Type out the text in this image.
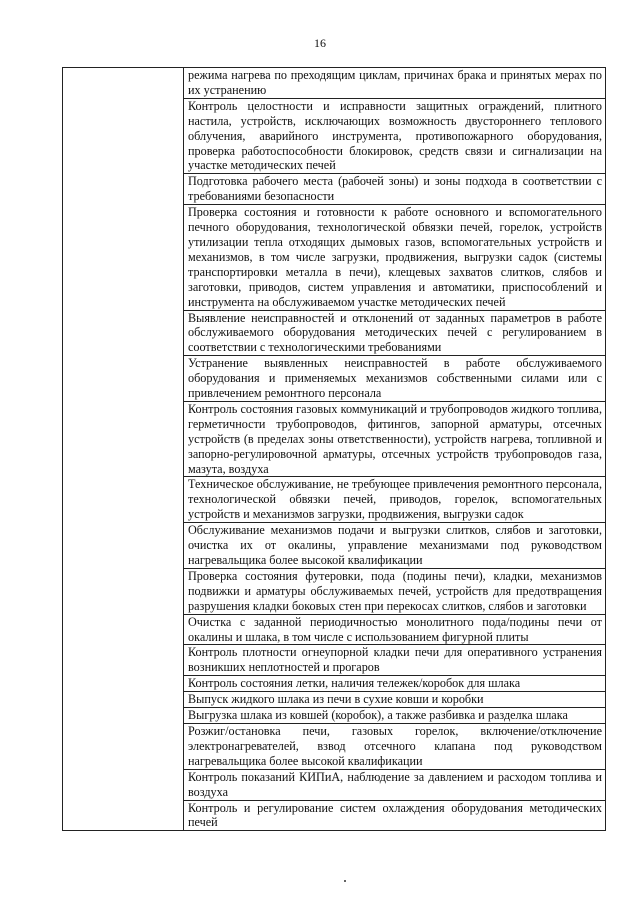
16
	режима нагрева по преходящим циклам, причинах брака и принятых мерах по их устранению
Контроль целостности и исправности защитных ограждений, плитного настила, устройств, исключающих возможность двустороннего теплового облучения, аварийного инструмента, противопожарного оборудования, проверка работоспособности блокировок, средств связи и сигнализации на участке методических печей
Подготовка рабочего места (рабочей зоны) и зоны подхода в соответствии с требованиями безопасности
Проверка состояния и готовности к работе основного и вспомогательного печного оборудования, технологической обвязки печей, горелок, устройств утилизации тепла отходящих дымовых газов, вспомогательных устройств и механизмов, в том числе загрузки, продвижения, выгрузки садок (системы транспортировки металла в печи), клещевых захватов слитков, слябов и заготовки, приводов, систем управления и автоматики, приспособлений и инструмента на обслуживаемом участке методических печей
Выявление неисправностей и отклонений от заданных параметров в работе обслуживаемого оборудования методических печей с регулированием в соответствии с технологическими требованиями
Устранение выявленных неисправностей в работе обслуживаемого оборудования и применяемых механизмов собственными силами или с привлечением ремонтного персонала
Контроль состояния газовых коммуникаций и трубопроводов жидкого топлива, герметичности трубопроводов, фитингов, запорной арматуры, отсечных устройств (в пределах зоны ответственности), устройств нагрева, топливной и запорно-регулировочной арматуры, отсечных устройств трубопроводов газа, мазута, воздуха
Техническое обслуживание, не требующее привлечения ремонтного персонала, технологической обвязки печей, приводов, горелок, вспомогательных устройств и механизмов загрузки, продвижения, выгрузки садок
Обслуживание механизмов подачи и выгрузки слитков, слябов и заготовки, очистка их от окалины, управление механизмами под руководством нагревальщика более высокой квалификации
Проверка состояния футеровки, пода (подины печи), кладки, механизмов подвижки и арматуры обслуживаемых печей, устройств для предотвращения разрушения кладки боковых стен при перекосах слитков, слябов и заготовки
Очистка с заданной периодичностью монолитного пода/подины печи от окалины и шлака, в том числе с использованием фигурной плиты
Контроль плотности огнеупорной кладки печи для оперативного устранения возникших неплотностей и прогаров
Контроль состояния летки, наличия тележек/коробок для шлака
Выпуск жидкого шлака из печи в сухие ковши и коробки
Выгрузка шлака из ковшей (коробок), а также разбивка и разделка шлака
Розжиг/остановка печи, газовых горелок, включение/отключение электронагревателей, взвод отсечного клапана под руководством нагревальщика более высокой квалификации
Контроль показаний КИПиА, наблюдение за давлением и расходом топлива и воздуха
Контроль и регулирование систем охлаждения оборудования методических печей
